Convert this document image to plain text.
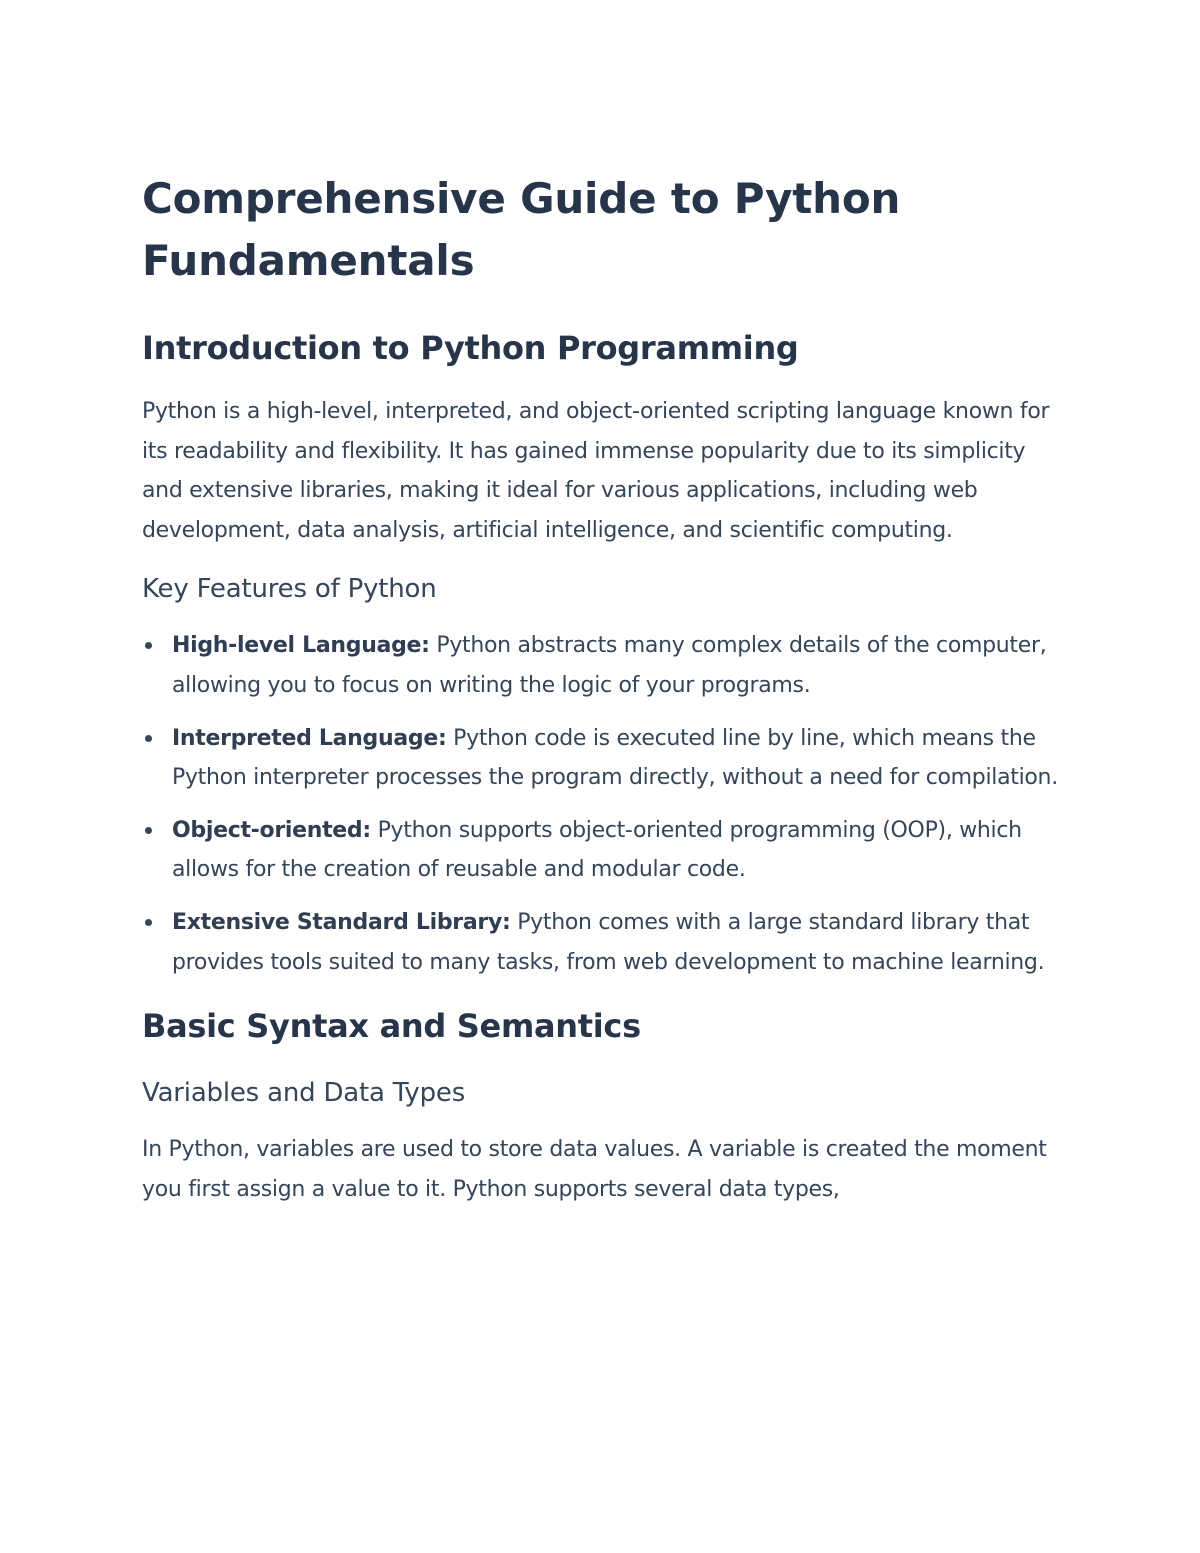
Comprehensive Guide to Python Fundamentals
Introduction to Python Programming

Python is a high-level, interpreted, and object-oriented scripting language known for its readability and flexibility. It has gained immense popularity due to its simplicity and extensive libraries, making it ideal for various applications, including web development, data analysis, artificial intelligence, and scientific computing.

Key Features of Python
High-level Language: Python abstracts many complex details of the computer, allowing you to focus on writing the logic of your programs.
Interpreted Language: Python code is executed line by line, which means the Python interpreter processes the program directly, without a need for compilation.
Object-oriented: Python supports object-oriented programming (OOP), which allows for the creation of reusable and modular code.
Extensive Standard Library: Python comes with a large standard library that provides tools suited to many tasks, from web development to machine learning.
Basic Syntax and Semantics
Variables and Data Types

In Python, variables are used to store data values. A variable is created the moment you first assign a value to it. Python supports several data types,
